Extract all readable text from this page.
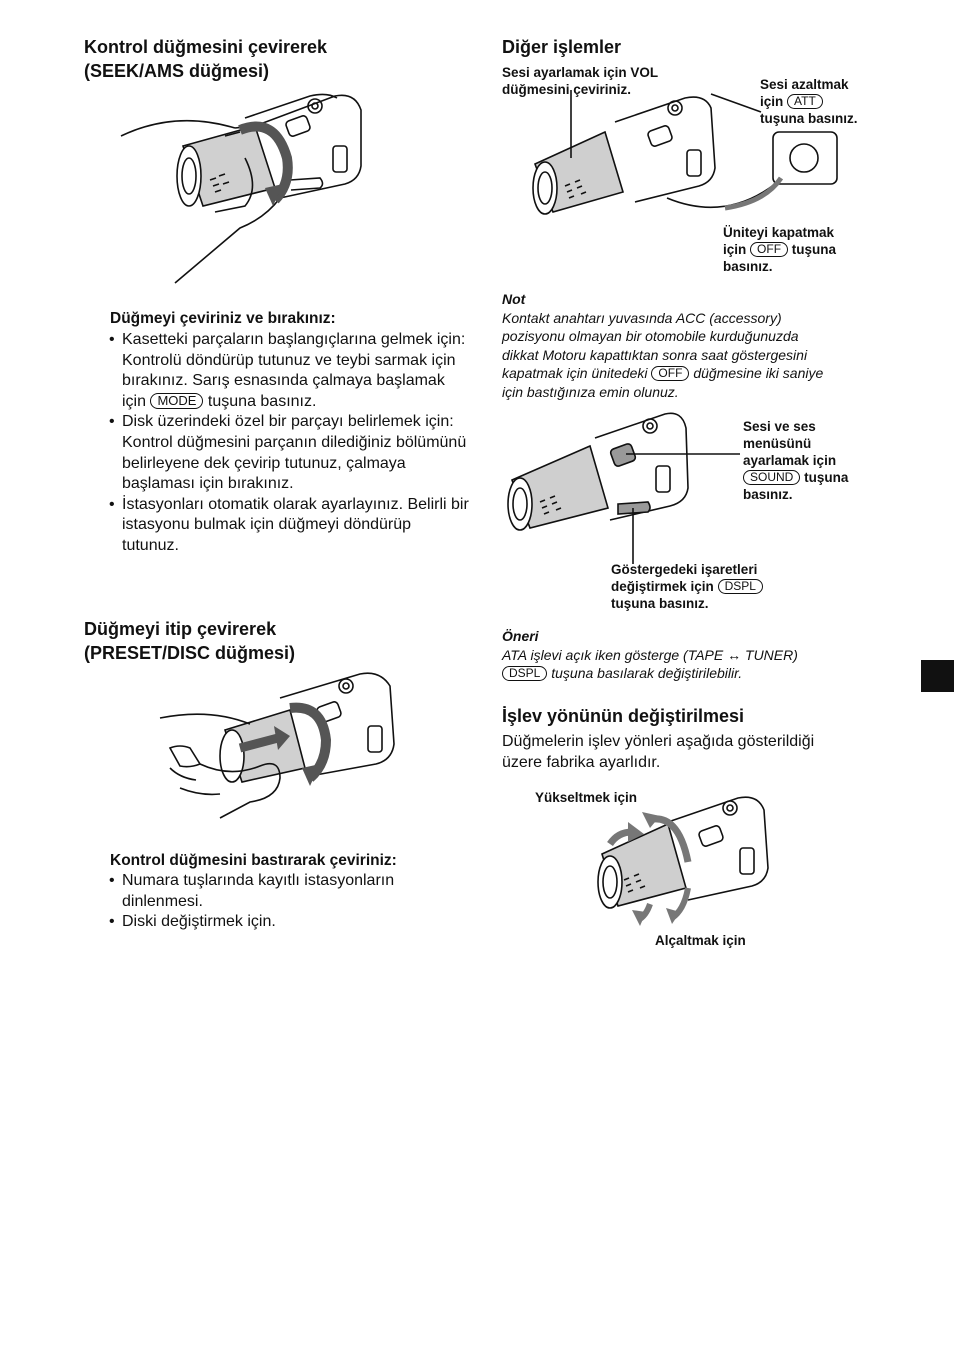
Kontrol düğmesini çevirerek
(SEEK/AMS düğmesi)
Düğmeyi çeviriniz ve bırakınız:
• Kasetteki parçaların başlangıçlarına gelmek için: Kontrolü döndürüp tutunuz ve teybi sarmak için bırakınız. Sarış esnasında çalmaya başlamak için MODE tuşuna basınız.
• Disk üzerindeki özel bir parçayı belirlemek için: Kontrol düğmesini parçanın dilediğiniz bölümünü belirleyene dek çevirip tutunuz, çalmaya başlaması için bırakınız.
• İstasyonları otomatik olarak ayarlayınız. Belirli bir istasyonu bulmak için düğmeyi döndürüp tutunuz.
Düğmeyi itip çevirerek
(PRESET/DISC düğmesi)
Kontrol düğmesini bastırarak çeviriniz:
• Numara tuşlarında kayıtlı istasyonların dinlenmesi.
• Diski değiştirmek için.
Diğer işlemler
Sesi ayarlamak için VOL
düğmesini çeviriniz.	Sesi azaltmak
için ATT
tuşuna basınız.
Üniteyi kapatmak
için OFF tuşuna
basınız.
Not
Kontakt anahtarı yuvasında ACC (accessory)
pozisyonu olmayan bir otomobile kurduğunuzda
dikkat Motoru kapattıktan sonra saat göstergesini
kapatmak için ünitedeki OFF düğmesine iki saniye
için bastığınıza emin olunuz.
Sesi ve ses
menüsünü
ayarlamak için
SOUND tuşuna
basınız.
Göstergedeki işaretleri
değiştirmek için DSPL
tuşuna basınız.
Öneri
ATA işlevi açık iken gösterge (TAPE ↔ TUNER)
DSPL tuşuna basılarak değiştirilebilir.
İşlev yönünün değiştirilmesi
Düğmelerin işlev yönleri aşağıda gösterildiği
üzere fabrika ayarlıdır.
Yükseltmek için
Alçaltmak için
